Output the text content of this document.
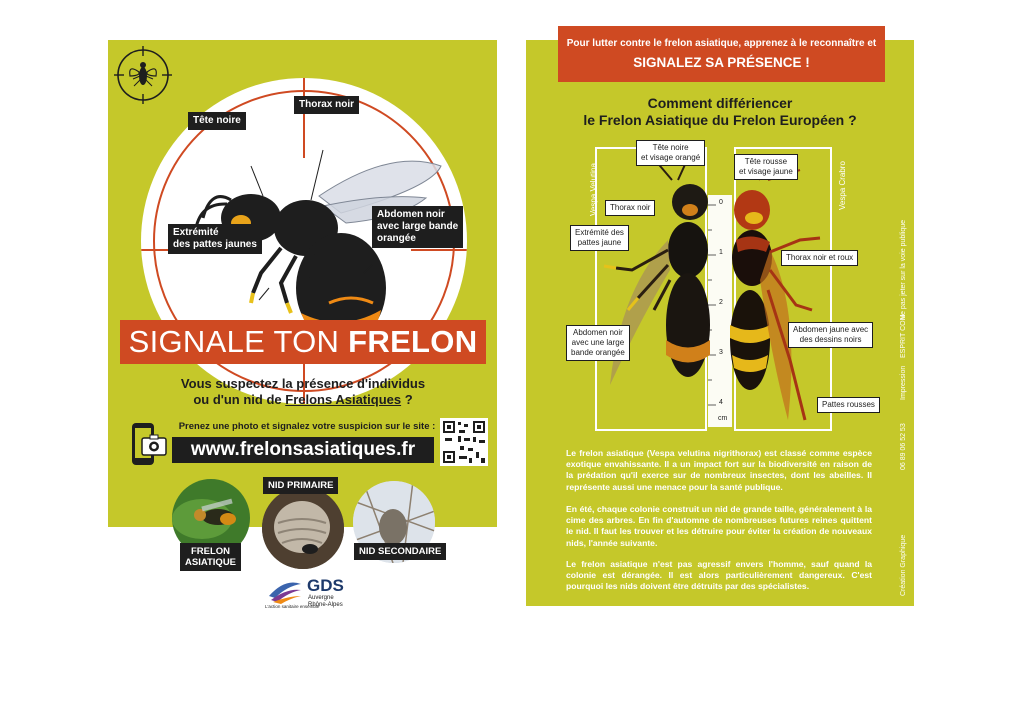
Tête noire
Thorax noir
Extrémité
des pattes jaunes
Abdomen noir
avec large bande
orangée
SIGNALE TON FRELON
Vous suspectez la présence d'individus
ou d'un nid de Frelons Asiatiques ?
Prenez une photo et signalez votre suspicion sur le site :
www.frelonsasiatiques.fr
FRELON
ASIATIQUE
NID PRIMAIRE
NID SECONDAIRE
GDS
Auvergne
Rhône-Alpes
L'action sanitaire ensemble
Pour lutter contre le frelon asiatique, apprenez à le reconnaître et
SIGNALEZ SA PRÉSENCE !
Comment différiencer
le Frelon Asiatique du Frelon Européen ?
0
1
2
3
4
cm
Vespa Velutina	Vespa Crabro
Tête noire
et visage orangé
Thorax noir
Extrémité des
pattes jaune
Abdomen noir
avec une large
bande orangée
Tête rousse
et visage jaune
Thorax noir et roux
Abdomen jaune avec
des dessins noirs
Pattes rousses
Le frelon asiatique (Vespa velutina nigrithorax) est classé comme espèce exotique envahissante. Il a un impact fort sur la biodiversité en raison de la prédation qu'il exerce sur de nombreux insectes, dont les abeilles. Il représente aussi une menace pour la santé publique.
En été, chaque colonie construit un nid de grande taille, généralement à la cime des arbres. En fin d'automne de nombreuses futures reines quittent le nid. Il faut les trouver et les détruire pour éviter la création de nouveaux nids, l'année suivante.
Le frelon asiatique n'est pas agressif envers l'homme, sauf quand la colonie est dérangée. Il est alors particulièrement dangereux. C'est pourquoi les nids doivent être détruits par des spécialistes.	Création Graphique
06 89 06 52 53
Impression
ESPRIT COM
Ne pas jeter sur la voie publique
